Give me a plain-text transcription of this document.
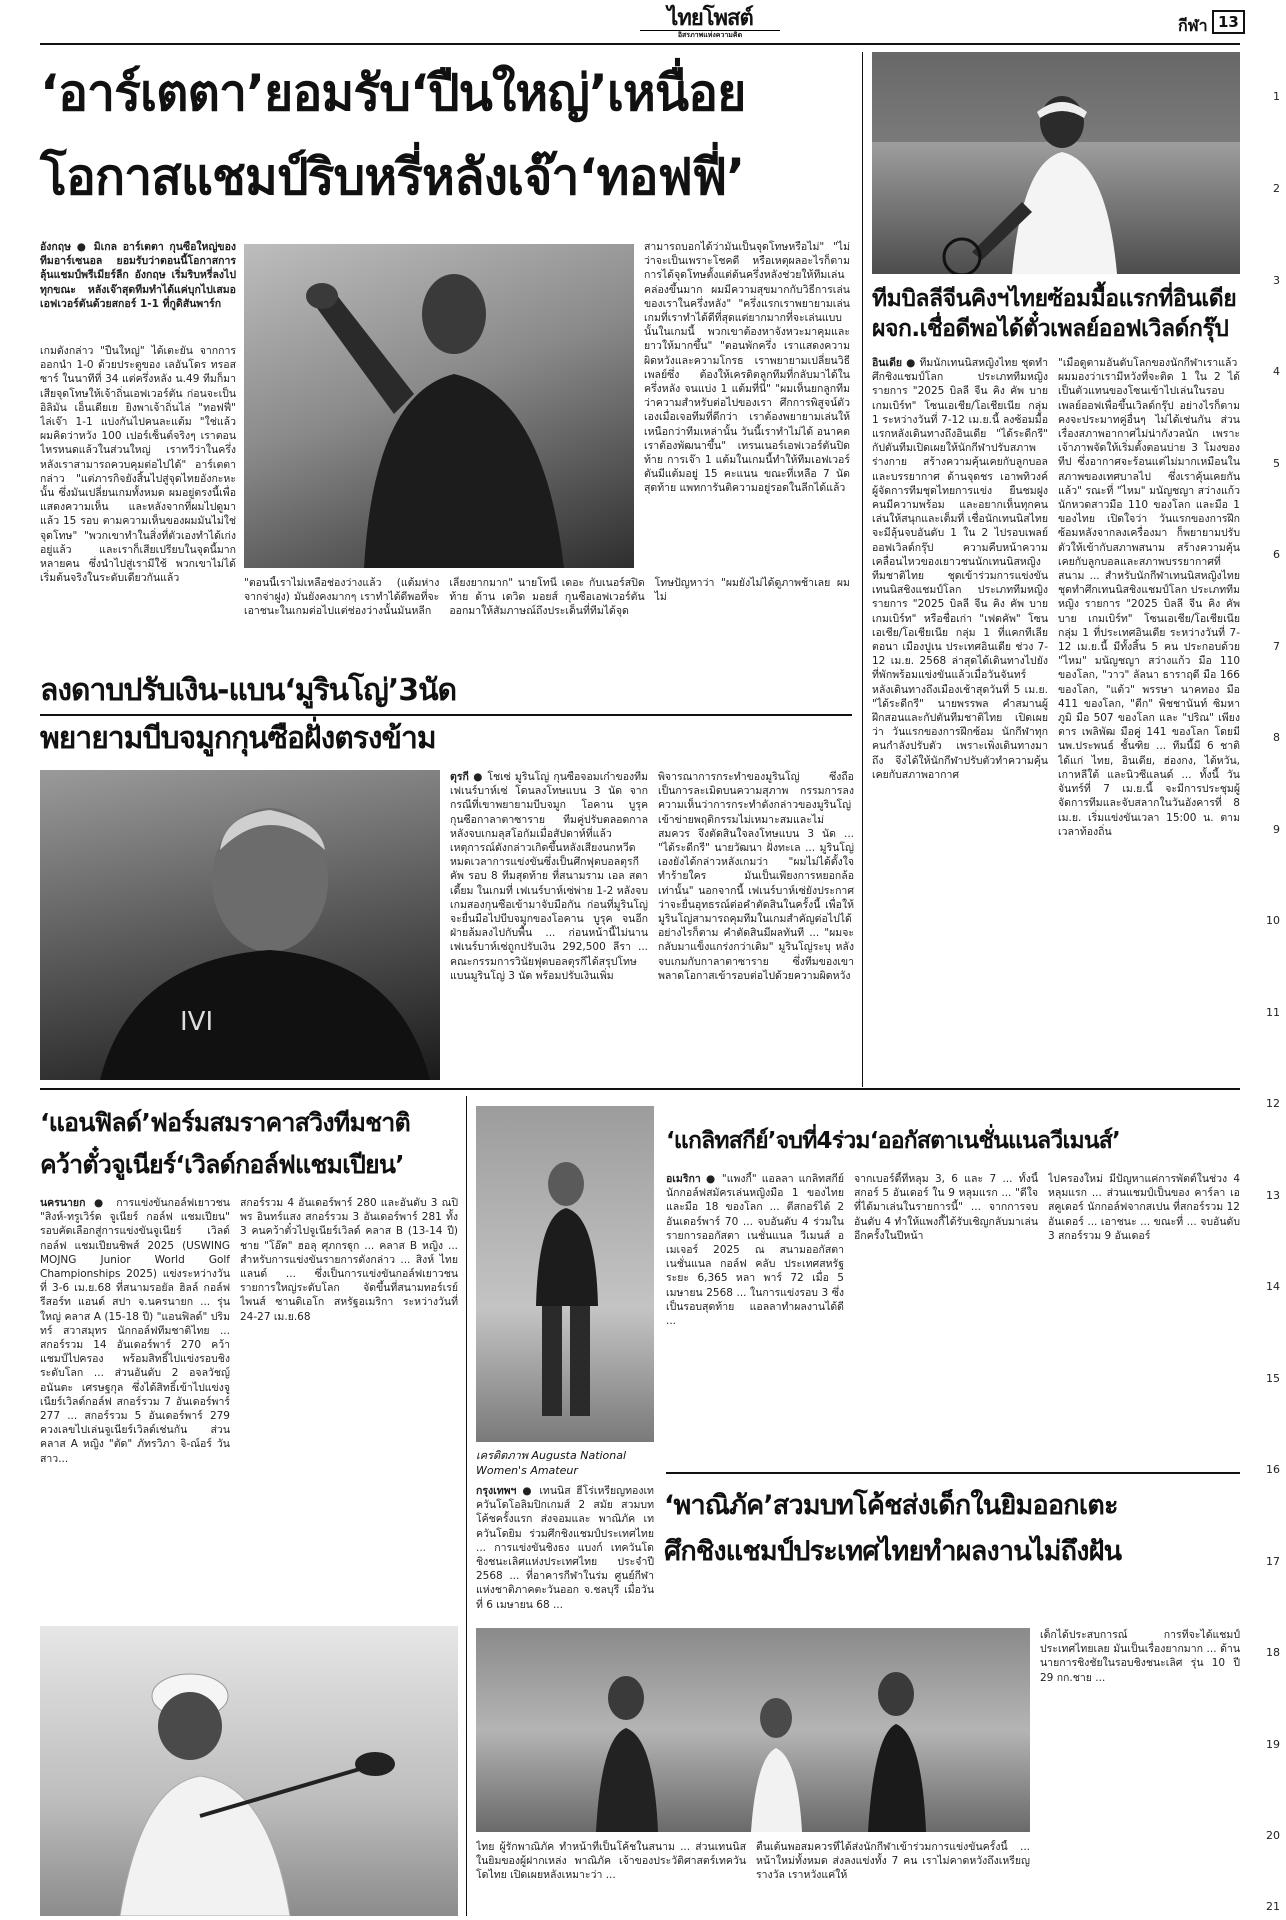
ไทยโพสต์
อิสรภาพแห่งความคิด	กีฬา 13
1
2
3
4
5
6
7
8
9
10
11
12
13
14
15
16
17
18
19
20
21
‘อาร์เตตา’ยอมรับ‘ปืนใหญ่’เหนื่อย
โอกาสแชมป์ริบหรี่หลังเจ๊า‘ทอฟฟี่’
อังกฤษ ● มิเกล อาร์เตตา กุนซือใหญ่ของทีมอาร์เซนอล ยอมรับว่าตอนนี้โอกาสการลุ้นแชมป์พรีเมียร์ลีก อังกฤษ เริ่มริบหรี่ลงไปทุกขณะ หลังเจ๊าสุดทีมทำได้แค่บุกไปเสมอเอฟเวอร์ตันด้วยสกอร์ 1-1 ที่กูดิสันพาร์ก
เกมดังกล่าว "ปืนใหญ่" ได้เตะยัน จากการออกนำ 1-0 ด้วยประตูของ เลอันโดร ทรอสซาร์ ในนาทีที่ 34 แต่ครึ่งหลัง น.49 ทีมก็มาเสียจุดโทษให้เจ้าถิ่นเอฟเวอร์ตัน ก่อนจะเป็น อิลิมัน เอ็นเดียเย ยิงพาเจ้าถิ่นไล่ "ทอฟฟี่" ไล่เจ๊า 1-1 แบ่งกันไปคนละแต้ม "ใช่แล้ว ผมคิดว่าหวัง 100 เปอร์เซ็นต์จริงๆ เราตอนไหรหนดแล้วในส่วนใหญ่ เราทวีว่าในครึ่งหลังเราสามารถควบคุมต่อไปได้" อาร์เตตากล่าว "แต่ภารกิจยังสิ้นไปสู่จุดไทยอังกะหะนั้น ซึ่งมันเปลี่ยนเกมทั้งหมด ผมอยู่ตรงนี้เพื่อแสดงความเห็น และหลังจากที่ผมไปดูมาแล้ว 15 รอบ ตามความเห็นของผมมันไม่ใช่จุดโทษ" "พวกเขาทำในสิ่งที่ตัวเองทำได้เก่งอยู่แล้ว และเราก็เสียเปรียบในจุดนี้มาก หลายคน ซึ่งนำไปสู่เรามีใช้ พวกเขาไม่ได้เริ่มต้นจริงในระดับเดียวกันแล้ว
สามารถบอกได้ว่ามันเป็นจุดโทษหรือไม่" "ไม่ว่าจะเป็นเพราะโชคดี หรือเหตุผลอะไรก็ตาม การได้จุดโทษตั้งแต่ต้นครึ่งหลังช่วยให้ทีมเล่นคล่องขึ้นมาก ผมมีความสุขมากกับวิธีการเล่นของเราในครึ่งหลัง" "ครึ่งแรกเราพยายามเล่นเกมที่เราทำได้ดีที่สุดแต่ยากมากที่จะเล่นแบบนั้นในเกมนี้ พวกเขาต้องหาจังหวะมาคุมและยาวให้มากขึ้น" "ตอนพักครึ่ง เราแสดงความผิดหวังและความโกรธ เราพยายามเปลี่ยนวิธีเพลย์ซึ่ง ต้องให้เครดิตลูกทีมที่กลับมาได้ในครึ่งหลัง จนแบ่ง 1 แต้มที่นี่" "ผมเห็นยกลูกทีมว่าความสำหรับต่อไปของเรา ศึกการพิสูจน์ตัวเองเมื่อเจอทีมที่ดีกว่า เราต้องพยายามเล่นให้เหนือกว่าทีมเหล่านั้น วันนี้เราทำไม่ได้ อนาคตเราต้องพัฒนาขึ้น" เทรนเนอร์เอฟเวอร์ตันปิดท้าย การเจ๊า 1 แต้มในเกมนี้ทำให้ทีมเอฟเวอร์ตันมีแต้มอยู่ 15 คะแนน ขณะที่เหลือ 7 นัดสุดท้าย แพทการันติความอยู่รอดในลีกได้แล้ว
"ตอนนี้เราไม่เหลือช่องว่างแล้ว (แต้มห่างจากจ่าฝูง) มันยังคงมากๆ เราทำได้ดีพอที่จะเอาชนะในเกมต่อไปแต่ช่องว่างนั้นมันหลีกเลี่ยงยากมาก" นายโทนี่ เดอะ กับเนอร์สปิดท้าย ด้าน เดวิด มอยส์ กุนซือเอฟเวอร์ตัน ออกมาให้สัมภาษณ์ถึงประเด็นที่ทีมได้จุดโทษปัญหาว่า "ผมยังไม่ได้ดูภาพช้าเลย ผมไม่
ทีมบิลลีจีนคิงฯไทยซ้อมมื้อแรกที่อินเดีย ผจก.เชื่อดีพอได้ตั๋วเพลย์ออฟเวิลด์กรุ๊ป
อินเดีย ● ทีมนักเทนนิสหญิงไทย ชุดทำศึกชิงแชมป์โลก ประเภททีมหญิง รายการ "2025 บิลลี จีน คิง คัพ บาย เกมเบิร์ท" โซนเอเชีย/โอเชียเนีย กลุ่ม 1 ระหว่างวันที่ 7-12 เม.ย.นี้ ลงซ้อมมื้อแรกหลังเดินทางถึงอินเดีย "ได้ระดีกรี" กัปตันทีมเปิดเผยให้นักกีฬาปรับสภาพร่างกาย สร้างความคุ้นเคยกับลูกบอลและบรรยากาศ ด้านจุดชร เอาพทิวงค์ ผู้จัดการทีมชุดไทยการแข่ง ยืนชมฝูงคนมีความพร้อม และอยากเห็นทุกคนเล่นให้สนุกและเต็มที่ เชื่อนักเทนนิสไทยจะมีลุ้นจบอันดับ 1 ใน 2 ไปรอบเพลย์ออฟเวิลด์กรุ๊ป ความคืบหน้าความเคลื่อนไหวของเยาวชนนักเทนนิสหญิงทีมชาติไทย ชุดเข้าร่วมการแข่งขันเทนนิสชิงแชมป์โลก ประเภททีมหญิง รายการ "2025 บิลลี จีน คิง คัพ บาย เกมเบิร์ท" หรือชื่อเก่า "เฟดคัพ" โซนเอเชีย/โอเชียเนีย กลุ่ม 1 ที่แคกทีเลีย ตอนา เมืองปูเน ประเทศอินเดีย ช่วง 7-12 เม.ย. 2568 ล่าสุดได้เดินทางไปยังที่พักพร้อมแข่งขันแล้วเมื่อวันจันทร์ หลังเดินทางถึงเมืองเช้าสุดวันที่ 5 เม.ย. "ได้ระดีกรี" นายพรรพล คำสมานผู้ฝึกสอนและกัปตันทีมชาติไทย เปิดเผยว่า วันแรกของการฝึกซ้อม นักกีฬาทุกคนกำลังปรับตัว เพราะเพิ่งเดินทางมาถึง จึงได้ให้นักกีฬาปรับตัวทำความคุ้นเคยกับสภาพอากาศ
"เมื่อดูตามอันดับโลกของนักกีฬาเราแล้ว ผมมองว่าเรามีหวังที่จะติด 1 ใน 2 ได้เป็นตัวแทนของโซนเข้าไปเล่นในรอบเพลย์ออฟเพื่อขึ้นเวิลด์กรุ๊ป อย่างไรก็ตาม คงจะประมาทคู่อื่นๆ ไม่ได้เช่นกัน ส่วนเรื่องสภาพอากาศไม่น่ากังวลนัก เพราะเจ้าภาพจัดให้เริ่มตั้งตอนบ่าย 3 โมงของทีป ซึ่งอากาศจะร้อนแต่ไม่มากเหมือนในสภาพของเทศบาลไป ซึ่งเราคุ้นเคยกันแล้ว" รณะที่ "ไหม" มนัญชญา สว่างแก้ว นักหวดสาวมือ 110 ของโลก และมือ 1 ของไทย เปิดใจว่า วันแรกของการฝึกซ้อมหลังจากลงเครื่องมา ก็พยายามปรับตัวให้เข้ากับสภาพสนาม สร้างความคุ้นเคยกับลูกบอลและสภาพบรรยากาศที่สนาม ... สำหรับนักกีฬาเทนนิสหญิงไทยชุดทำศึกเทนนิสชิงแชมป์โลก ประเภททีมหญิง รายการ "2025 บิลลี จีน คิง คัพ บาย เกมเบิร์ท" โซนเอเชีย/โอเชียเนีย กลุ่ม 1 ที่ประเทศอินเดีย ระหว่างวันที่ 7-12 เม.ย.นี้ มีทั้งสิ้น 5 คน ประกอบด้วย "ไหม" มนัญชญา สว่างแก้ว มือ 110 ของโลก, "วาว" ลัลนา ธาราฤดี มือ 166 ของโลก, "แต้ว" พรรษา นาคทอง มือ 411 ของโลก, "ตีก" พิชชานันท์ ซิมหาภูมิ มือ 507 ของโลก และ "ปริณ" เพียงตาร เพลิพัฒ มือคู่ 141 ของโลก โดยมี นพ.ประพนธ์ ชั้นฑิย ... ทีมนี้มี 6 ชาติ ได้แก่ ไทย, อินเดีย, ฮ่องกง, ไต้หวัน, เกาหลีใต้ และนิวซีแลนด์ ... ทั้งนี้ วันจันทร์ที่ 7 เม.ย.นี้ จะมีการประชุมผู้จัดการทีมและจับสลากในวันอังคารที่ 8 เม.ย. เริ่มแข่งขันเวลา 15:00 น. ตามเวลาท้องถิ่น
ลงดาบปรับเงิน-แบน‘มูรินโญ่’3นัด
พยายามบีบจมูกกุนซือฝั่งตรงข้าม
IVI
ตุรกี ● โชเซ่ มูรินโญ่ กุนซือจอมเก๋าของทีมเฟเนร์บาห์เซ่ โดนลงโทษแบน 3 นัด จากกรณีที่เขาพยายามบีบจมูก โอคาน บูรุค กุนซือกาลาตาซาราย ทีมคู่ปรับตลอดกาล หลังจบเกมลุสโอกัมเมื่อสัปดาห์ที่แล้ว เหตุการณ์ดังกล่าวเกิดขึ้นหลังเสียงนกหวีดหมดเวลาการแข่งขันซึ่งเป็นศึกฟุตบอลตุรกี คัพ รอบ 8 ทีมสุดท้าย ที่สนามราม เอล สตาเดี้ยม ในเกมที่ เฟเนร์บาห์เซ่พ่าย 1-2 หลังจบเกมสองกุนซือเข้ามาจับมือกัน ก่อนที่มูรินโญ่จะยื่นมือไปบีบจมูกของโอคาน บูรุค จนอีกฝ่ายล้มลงไปกับพื้น ... ก่อนหน้านี้ไม่นาน เฟเนร์บาห์เซ่ถูกปรับเงิน 292,500 ลีรา ... คณะกรรมการวินัยฟุตบอลตุรกีได้สรุปโทษแบนมูรินโญ่ 3 นัด พร้อมปรับเงินเพิ่ม
พิจารณาการกระทำของมูรินโญ่ ซึ่งถือเป็นการละเมิดบนความสุภาพ กรรมการลงความเห็นว่าการกระทำดังกล่าวของมูรินโญ่เข้าข่ายพฤติกรรมไม่เหมาะสมและไม่สมควร จึงตัดสินใจลงโทษแบน 3 นัด ... "ได้ระดีกรี" นายวัฒนา ฝั่งทะเล ... มูรินโญ่เองยังได้กล่าวหลังเกมว่า "ผมไม่ได้ตั้งใจทำร้ายใคร มันเป็นเพียงการหยอกล้อเท่านั้น" นอกจากนี้ เฟเนร์บาห์เซ่ยังประกาศว่าจะยื่นอุทธรณ์ต่อคำตัดสินในครั้งนี้ เพื่อให้มูรินโญ่สามารถคุมทีมในเกมสำคัญต่อไปได้ อย่างไรก็ตาม คำตัดสินมีผลทันที ... "ผมจะกลับมาแข็งแกร่งกว่าเดิม" มูรินโญ่ระบุ หลังจบเกมกับกาลาตาซาราย ซึ่งทีมของเขาพลาดโอกาสเข้ารอบต่อไปด้วยความผิดหวัง
‘แอนฟิลด์’ฟอร์มสมราคาสวิงทีมชาติ
คว้าตั๋วจูเนียร์‘เวิลด์กอล์ฟแชมเปียน’
นครนายก ● การแข่งขันกอล์ฟเยาวชน "สิงห์-ทรูเวิร์ด จูเนียร์ กอล์ฟ แชมเปียน" รอบคัดเลือกสู่การแข่งขันจูเนียร์ เวิลด์ กอล์ฟ แชมเปียนชิพส์ 2025 (USWING MOJNG Junior World Golf Championships 2025) แข่งระหว่างวันที่ 3-6 เม.ย.68 ที่สนามรอยัล ฮิลล์ กอล์ฟ รีสอร์ท แอนด์ สปา จ.นครนายก ... รุ่นใหญ่ คลาส A (15-18 ปี) "แอนฟิลด์" ปริมทร์ สวาสมุทร นักกอล์ฟทีมชาติไทย ... สกอร์รวม 14 อันเดอร์พาร์ 270 คว้าแชมป์ไปครอง พร้อมสิทธิ์ไปแข่งรอบชิงระดับโลก ... ส่วนอันดับ 2 อจลวัชญ์ อนันตะ เศรษฐกุล ซึ่งได้สิทธิ์เข้าไปแข่งจูเนียร์เวิลด์กอล์ฟ สกอร์รวม 7 อันเดอร์พาร์ 277 ... สกอร์รวม 5 อันเดอร์พาร์ 279 ควงเลขไปเล่นจูเนียร์เวิลด์เช่นกัน ส่วนคลาส A หญิง "ตัด" ภัทรวิภา จิ-ณ์อร์ วันสาว...
สกอร์รวม 4 อันเดอร์พาร์ 280 และอันดับ 3 ณปิพร อินทร์แสง สกอร์รวม 3 อันเดอร์พาร์ 281 ทั้ง 3 คนคว้าตั๋วไปจูเนียร์เวิลด์ คลาส B (13-14 ปี) ชาย "โอ๊ต" ฮอลุ ศุภกรฐุก ... คลาส B หญิง ... สำหรับการแข่งขันรายการดังกล่าว ... สิงห์ ไทยแลนด์ ... ซึ่งเป็นการแข่งขันกอล์ฟเยาวชนรายการใหญ่ระดับโลก จัดขึ้นที่สนามทอร์เรย์ ไพนส์ ซานดิเอโก สหรัฐอเมริกา ระหว่างวันที่ 24-27 เม.ย.68
เครดิตภาพ Augusta National Women's Amateur
‘แกลิทสกีย์’จบที่4ร่วม‘ออกัสตาเนชั่นแนลวีเมนส์’
อเมริกา ● "แพงกี้" แอลลา แกลิทสกีย์ นักกอล์ฟสมัครเล่นหญิงมือ 1 ของไทย และมือ 18 ของโลก ... ตีสกอร์ได้ 2 อันเดอร์พาร์ 70 ... จบอันดับ 4 ร่วมในรายการออกัสตา เนชั่นแนล วีเมนส์ อเมเจอร์ 2025 ณ สนามออกัสตาเนชั่นแนล กอล์ฟ คลับ ประเทศสหรัฐ ระยะ 6,365 หลา พาร์ 72 เมื่อ 5 เมษายน 2568 ... ในการแข่งรอบ 3 ซึ่งเป็นรอบสุดท้าย แอลลาทำผลงานได้ดี ...
จากเบอร์ดี้ที่หลุม 3, 6 และ 7 ... ทั้งนี้ สกอร์ 5 อันเดอร์ ใน 9 หลุมแรก ... "ดีใจที่ได้มาเล่นในรายการนี้" ... จากการจบอันดับ 4 ทำให้แพงกี้ได้รับเชิญกลับมาเล่นอีกครั้งในปีหน้า
ไปครองใหม่ มีปัญหาแค่การพัตต์ในช่วง 4 หลุมแรก ... ส่วนแชมป์เป็นของ คาร์ลา เอสคูเดอร์ นักกอล์ฟจากสเปน ที่สกอร์รวม 12 อันเดอร์ ... เอาชนะ ... ขณะที่ ... จบอันดับ 3 สกอร์รวม 9 อันเดอร์
กรุงเทพฯ ● เทนนิส ฮีโร่เหรียญทองเทควันโดโอลิมปิกเกมส์ 2 สมัย สวมบทโค้ชครั้งแรก ส่งจอมและ พาณิภัค เทควันโดยิม ร่วมศึกชิงแชมป์ประเทศไทย ... การแข่งขันชิงธง แบงก์ เทควันโด ชิงชนะเลิศแห่งประเทศไทย ประจำปี 2568 ... ที่อาคารกีฬาในร่ม ศูนย์กีฬาแห่งชาติภาคตะวันออก จ.ชลบุรี เมื่อวันที่ 6 เมษายน 68 ...
‘พาณิภัค’สวมบทโค้ชส่งเด็กในยิมออกเตะ
ศึกชิงแชมป์ประเทศไทยทำผลงานไม่ถึงฝัน
เด็กได้ประสบการณ์ การที่จะได้แชมป์ประเทศไทยเลย มันเป็นเรื่องยากมาก ... ด้านนายการชิงชัยในรอบชิงชนะเลิศ รุ่น 10 ปี 29 กก.ชาย ...
ไทย ผู้รักพาณิภัค ทำหน้าที่เป็นโค้ชในสนาม ... ส่วนเทนนิสในยิมของผู้ฝากเหล่ง พาณิภัค เจ้าของประวัติศาสตร์เทควันโดไทย เปิดเผยหลังเหมาะว่า ...
ตื่นเต้นพอสมควรที่ได้ส่งนักกีฬาเข้าร่วมการแข่งขันครั้งนี้ ... หน้าใหม่ทั้งหมด ส่งลงแข่งทั้ง 7 คน เราไม่คาดหวังถึงเหรียญรางวัล เราหวังแค่ให้
